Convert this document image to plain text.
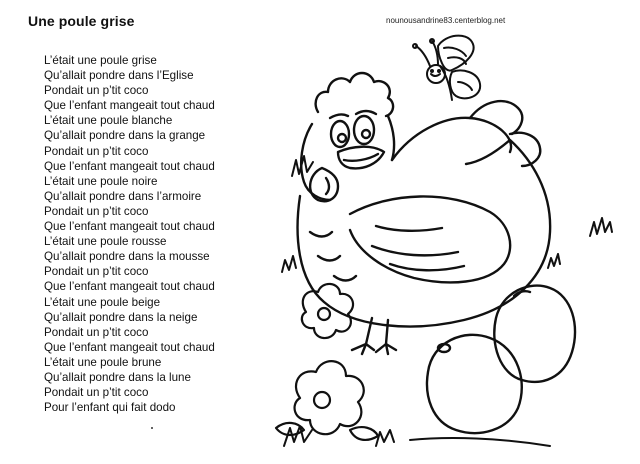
Une poule grise	nounousandrine83.centerblog.net
L’était une poule grise
Qu’allait pondre dans l’Eglise
Pondait un p’tit coco
Que l’enfant mangeait tout chaud
L’était une poule blanche
Qu’allait pondre dans la grange
Pondait un p’tit coco
Que l’enfant mangeait tout chaud
L’était une poule noire
Qu’allait pondre dans l’armoire
Pondait un p’tit coco
Que l’enfant mangeait tout chaud
L’était une poule rousse
Qu’allait pondre dans la mousse
Pondait un p’tit coco
Que l’enfant mangeait tout chaud
L’était une poule beige
Qu’allait pondre dans la neige
Pondait un p’tit coco
Que l’enfant mangeait tout chaud
L’était une poule brune
Qu’allait pondre dans la lune
Pondait un p’tit coco
Pour l’enfant qui fait dodo
